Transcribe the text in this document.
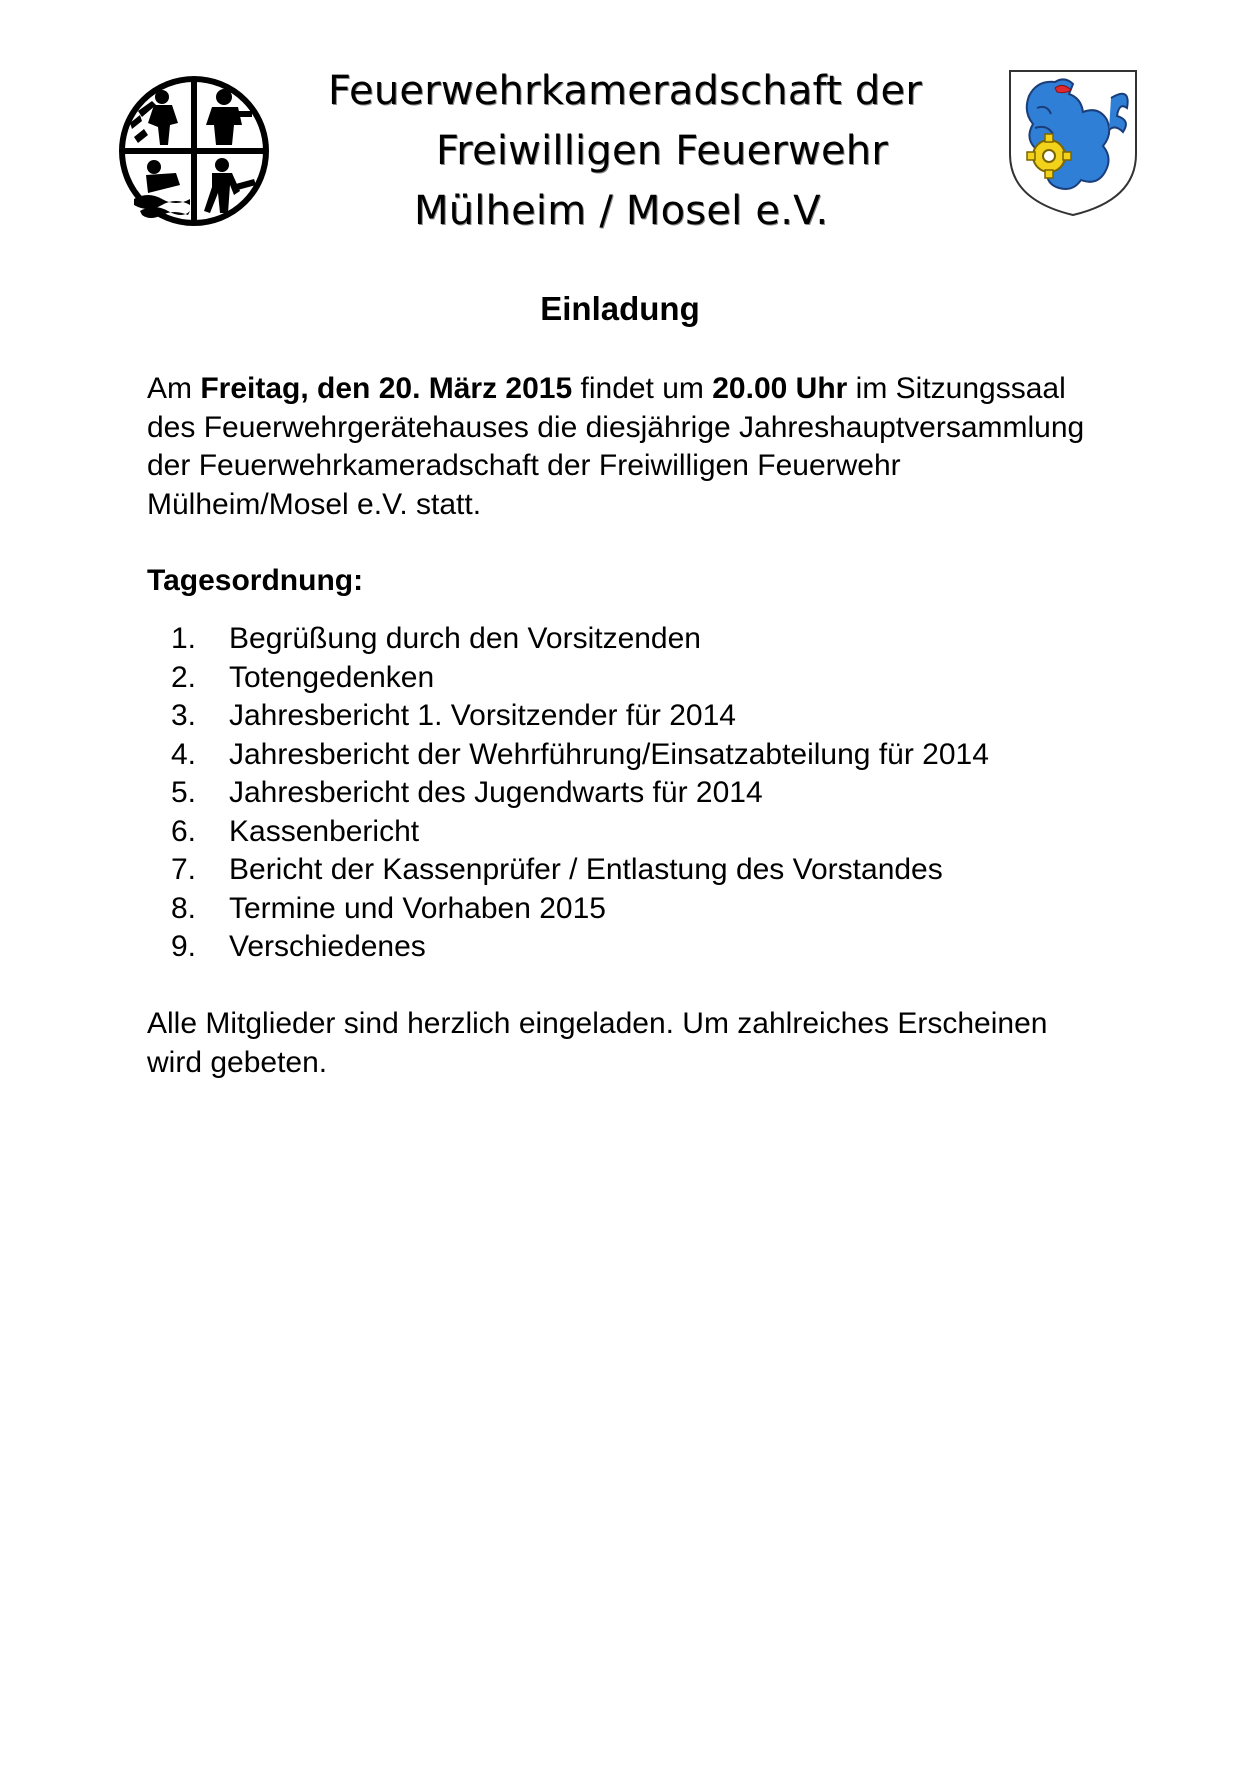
Feuerwehrkameradschaft der
Freiwilligen Feuerwehr
Mülheim / Mosel e.V.
Einladung
Am Freitag, den 20. März 2015 findet um 20.00 Uhr im Sitzungssaal des Feuerwehrgerätehauses die diesjährige Jahreshauptversammlung der Feuerwehrkameradschaft der Freiwilligen Feuerwehr Mülheim/Mosel e.V. statt.
Tagesordnung:
1.	Begrüßung durch den Vorsitzenden
2.	Totengedenken
3.	Jahresbericht 1. Vorsitzender für 2014
4.	Jahresbericht der Wehrführung/Einsatzabteilung für 2014
5.	Jahresbericht des Jugendwarts für 2014
6.	Kassenbericht
7.	Bericht der Kassenprüfer / Entlastung des Vorstandes
8.	Termine und Vorhaben 2015
9.	Verschiedenes
Alle Mitglieder sind herzlich eingeladen. Um zahlreiches Erscheinen wird gebeten.
